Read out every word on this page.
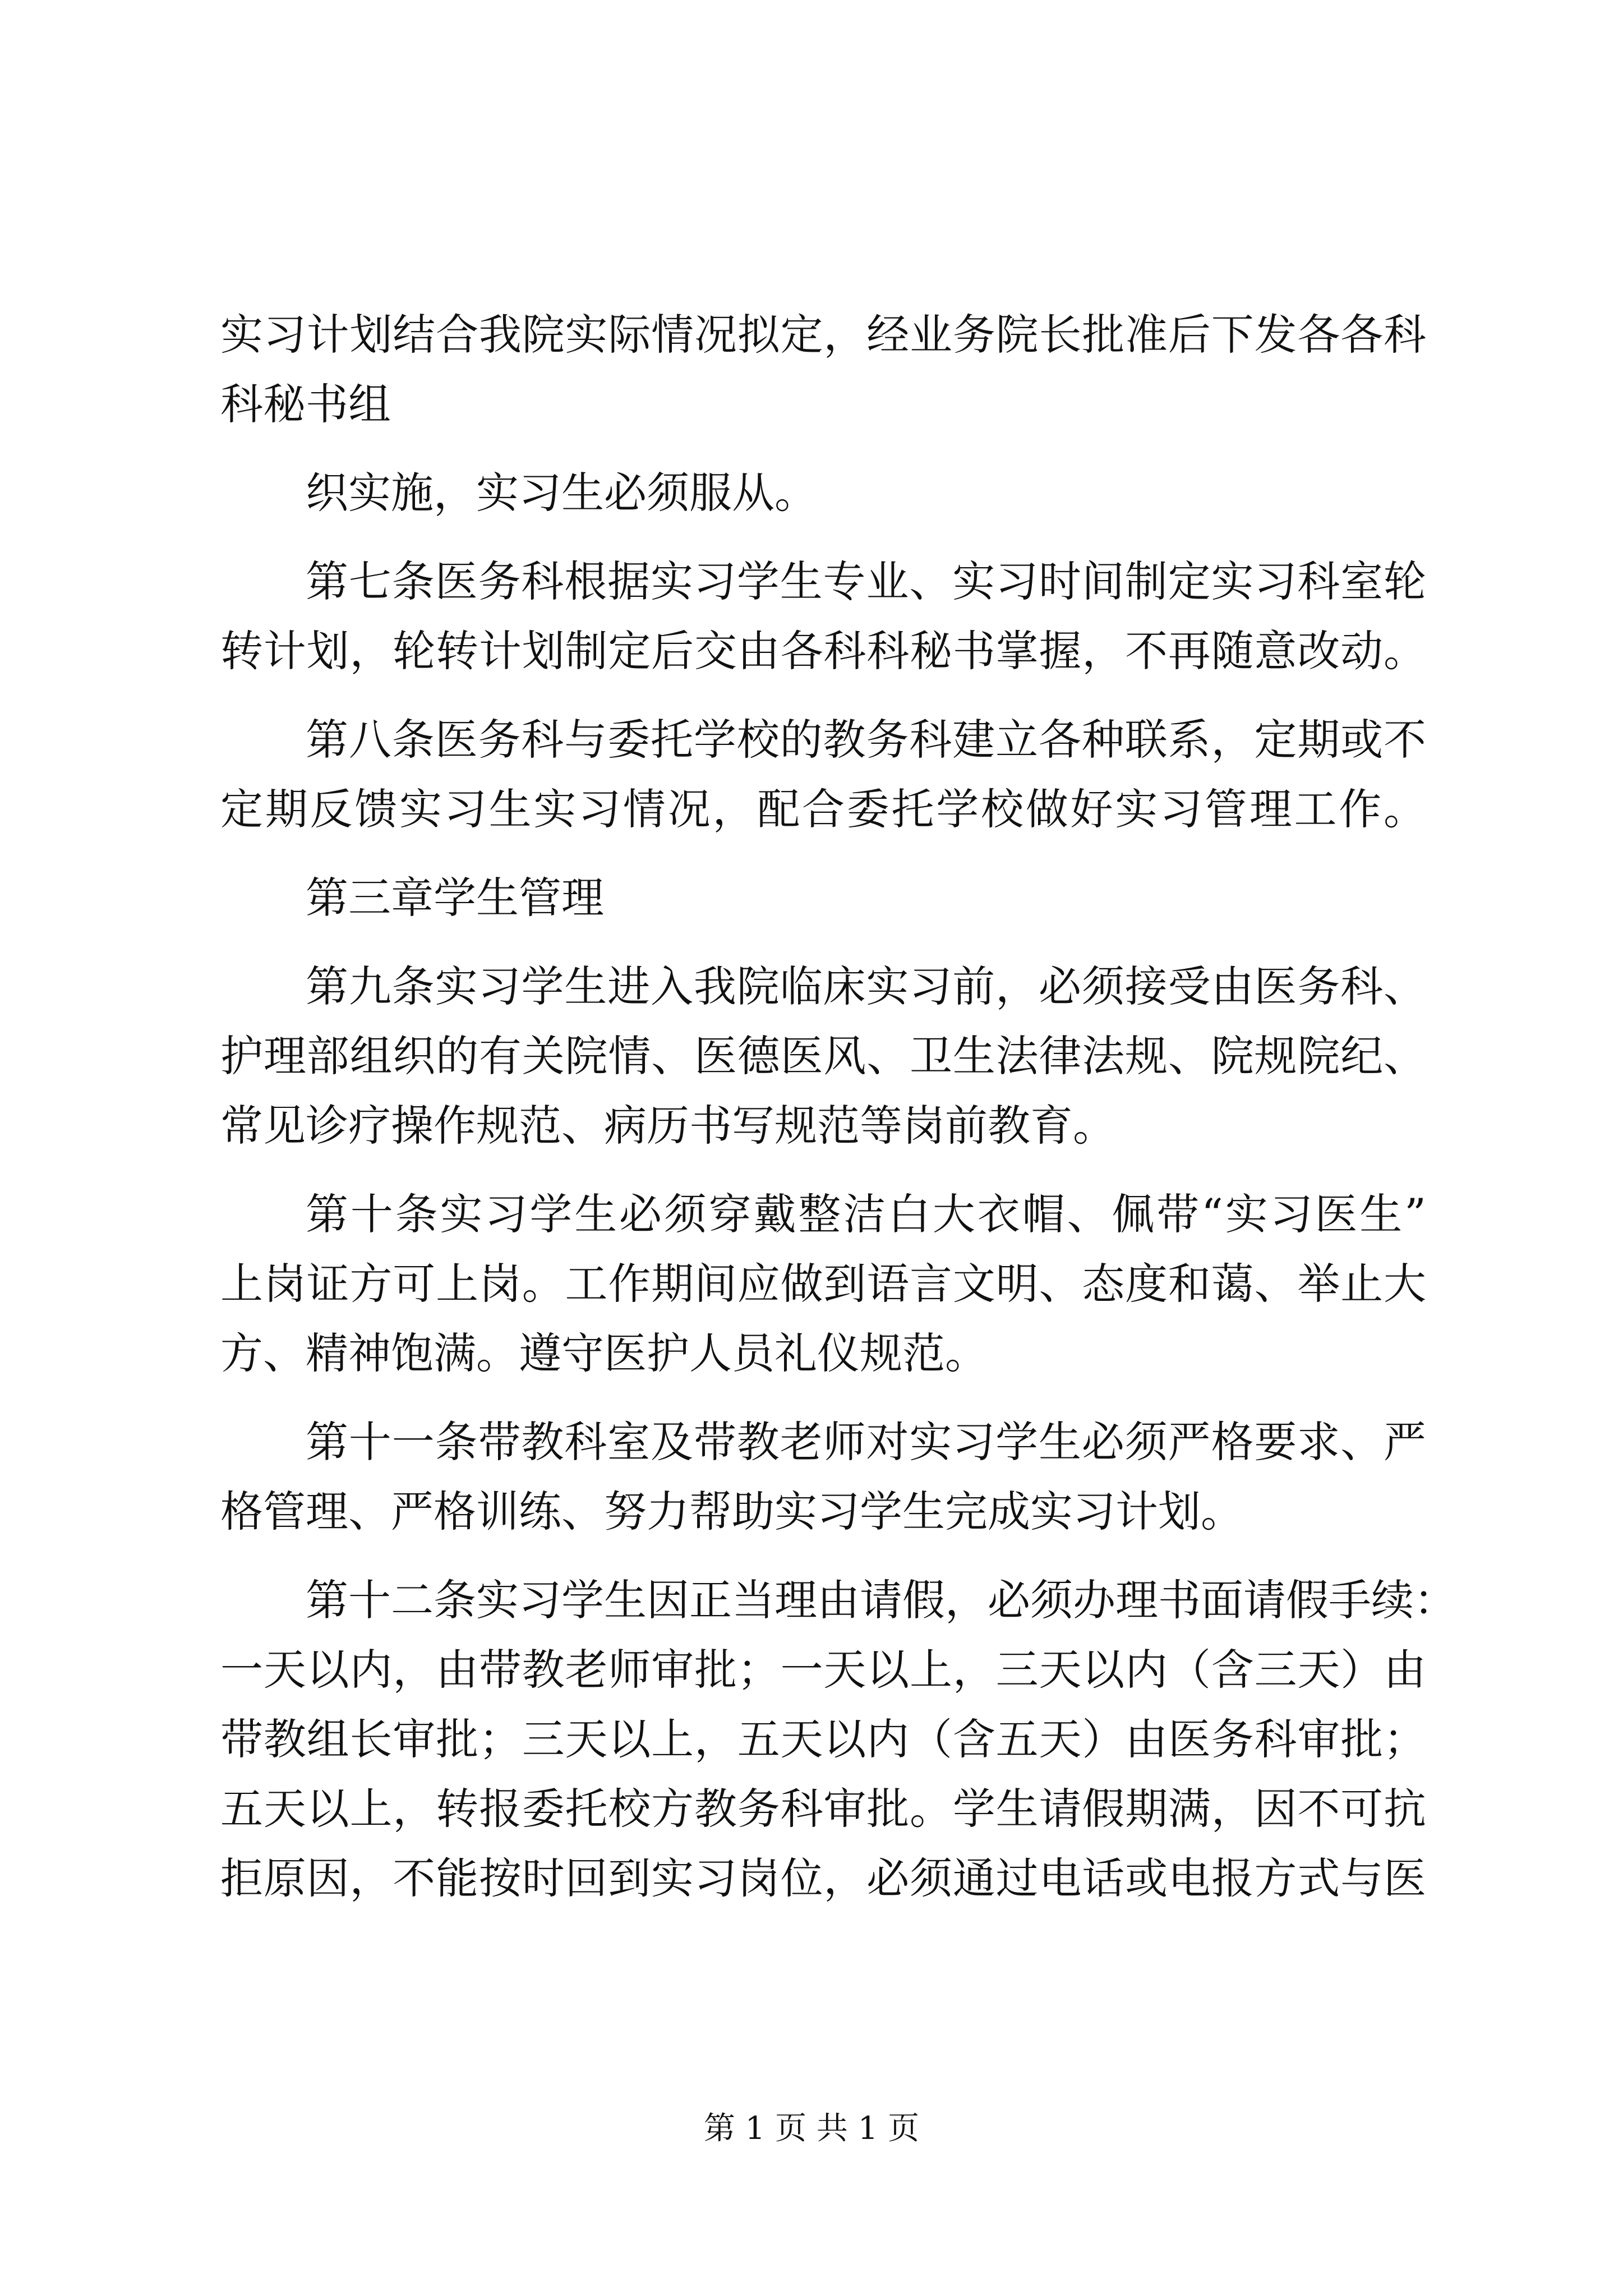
实习计划结合我院实际情况拟定，经业务院长批准后下发各各科
科秘书组
织实施，实习生必须服从。
第七条医务科根据实习学生专业、实习时间制定实习科室轮
转计划，轮转计划制定后交由各科科秘书掌握，不再随意改动。
第八条医务科与委托学校的教务科建立各种联系，定期或不
定期反馈实习生实习情况，配合委托学校做好实习管理工作。
第三章学生管理
第九条实习学生进入我院临床实习前，必须接受由医务科、
护理部组织的有关院情、医德医风、卫生法律法规、院规院纪、
常见诊疗操作规范、病历书写规范等岗前教育。
第十条实习学生必须穿戴整洁白大衣帽、佩带“实习医生”
上岗证方可上岗。工作期间应做到语言文明、态度和蔼、举止大
方、精神饱满。遵守医护人员礼仪规范。
第十一条带教科室及带教老师对实习学生必须严格要求、严
格管理、严格训练、努力帮助实习学生完成实习计划。
第十二条实习学生因正当理由请假，必须办理书面请假手续：
一天以内，由带教老师审批；一天以上，三天以内（含三天）由
带教组长审批；三天以上，五天以内（含五天）由医务科审批；
五天以上，转报委托校方教务科审批。学生请假期满，因不可抗
拒原因，不能按时回到实习岗位，必须通过电话或电报方式与医
第 1 页 共 1 页
